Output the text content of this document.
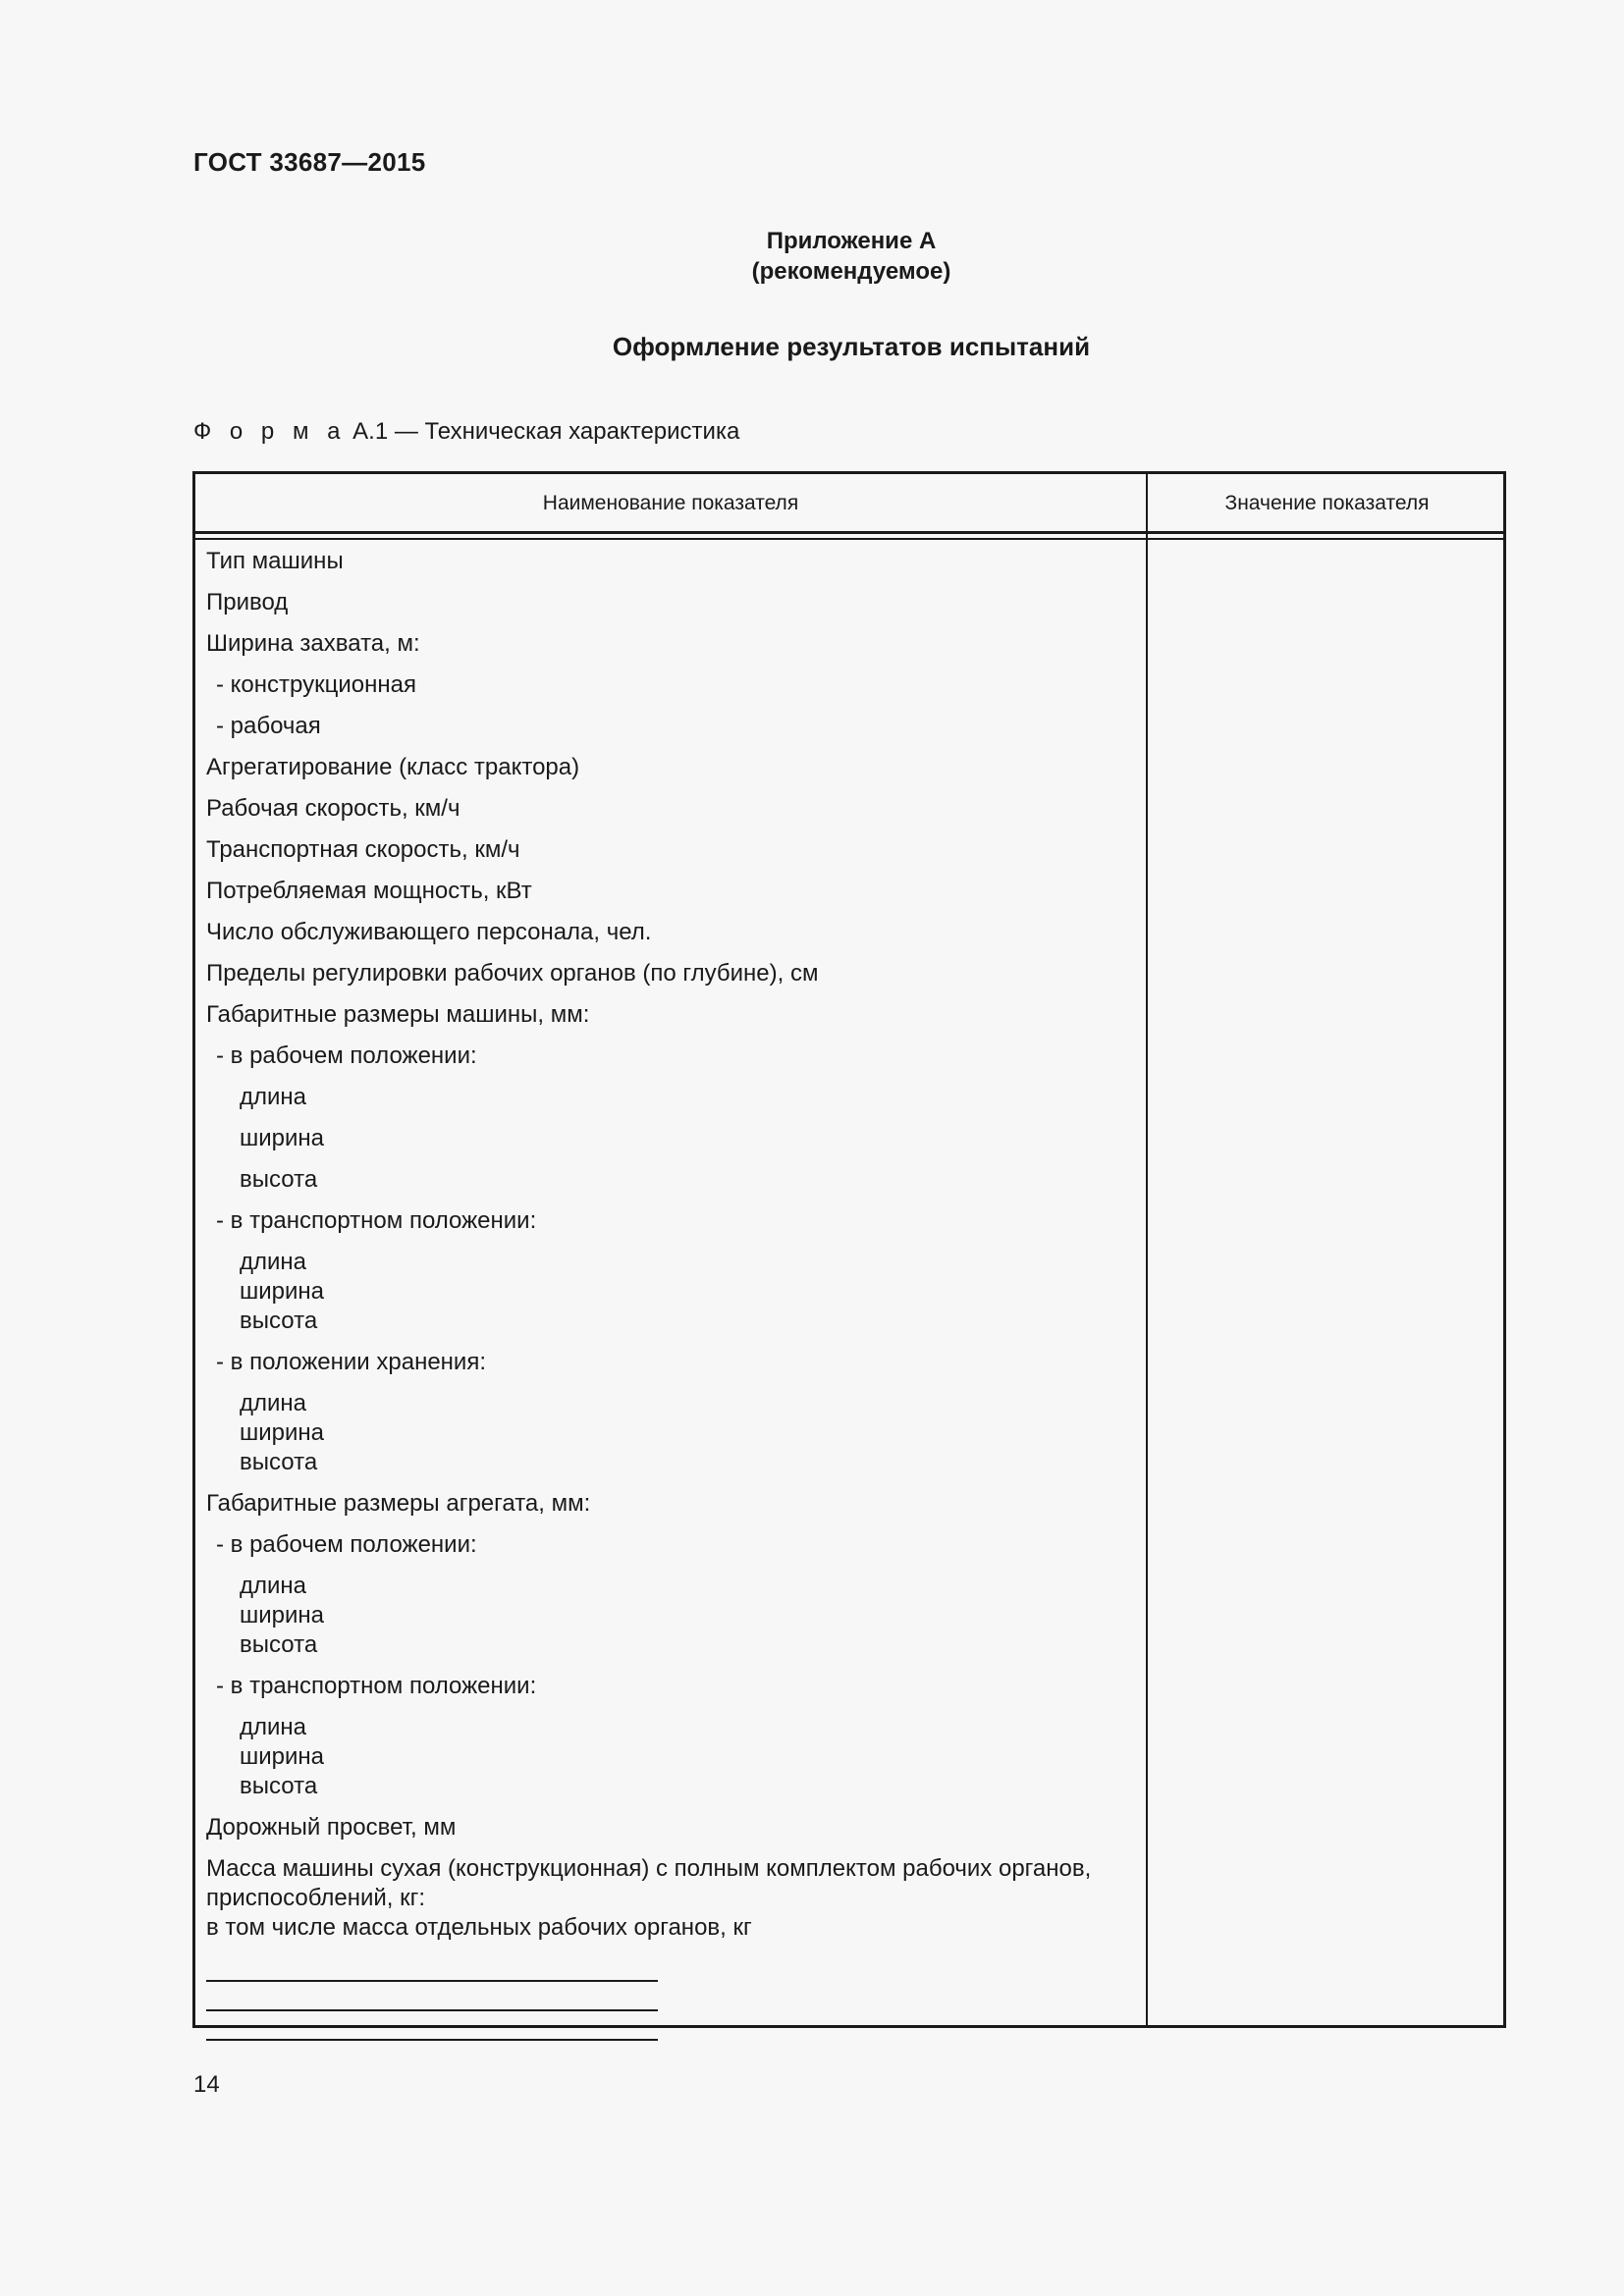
ГОСТ 33687—2015
Приложение А
(рекомендуемое)
Оформление результатов испытаний
Ф о р м а А.1 — Техническая характеристика
Наименование показателя	Значение показателя
Тип машины
Привод
Ширина захвата, м:
- конструкционная
- рабочая
Агрегатирование (класс трактора)
Рабочая скорость, км/ч
Транспортная скорость, км/ч
Потребляемая мощность, кВт
Число обслуживающего персонала, чел.
Пределы регулировки рабочих органов (по глубине), см
Габаритные размеры машины, мм:
- в рабочем положении:
длина
ширина
высота
- в транспортном положении:
длина
ширина
высота
- в положении хранения:
длина
ширина
высота
Габаритные размеры агрегата, мм:
- в рабочем положении:
длина
ширина
высота
- в транспортном положении:
длина
ширина
высота
Дорожный просвет, мм
Масса машины сухая (конструкционная) с полным комплектом рабочих органов, приспособлений, кг:
в том числе масса отдельных рабочих органов, кг
14
